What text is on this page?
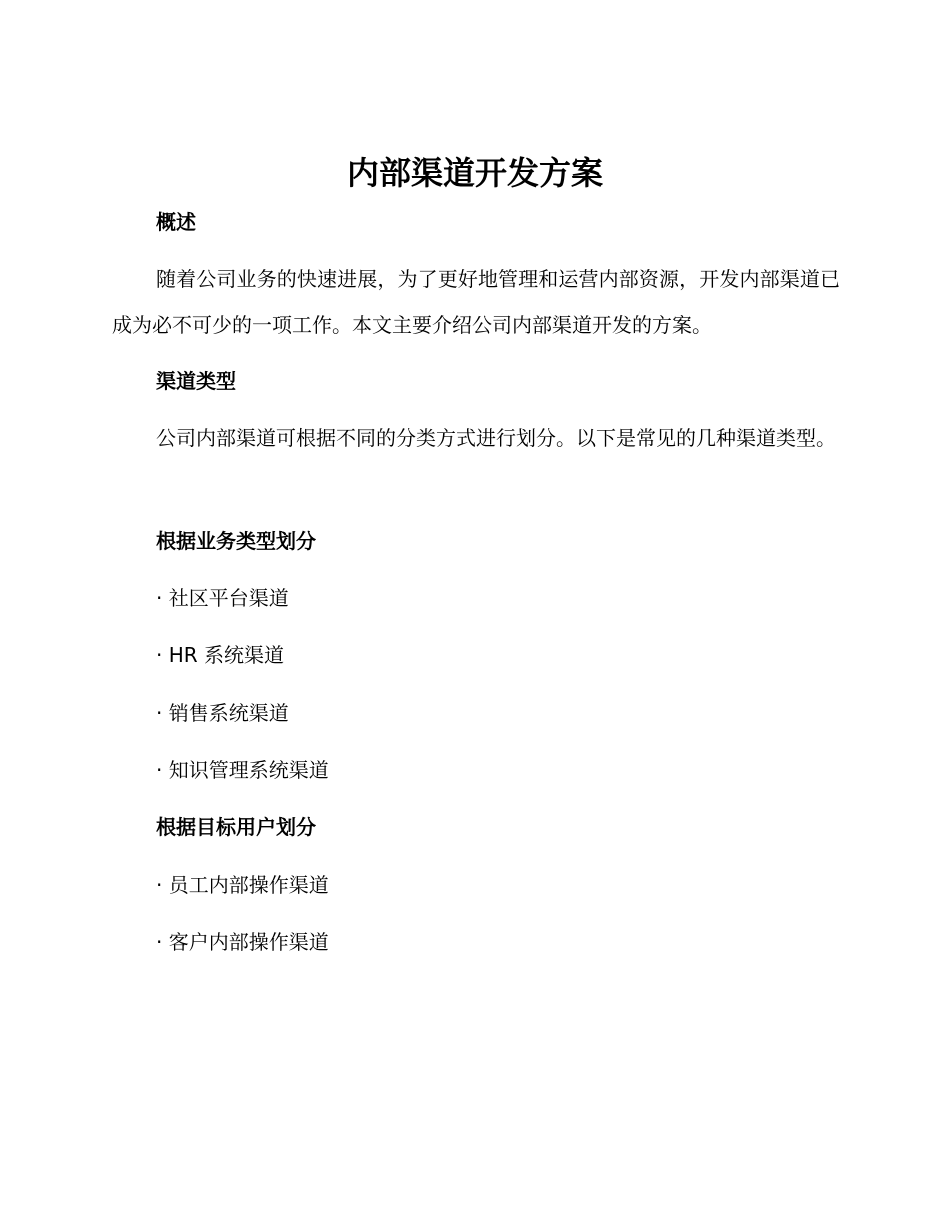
内部渠道开发方案
概述

随着公司业务的快速进展，为了更好地管理和运营内部资源，开发内部渠道已成为必不可少的一项工作。本文主要介绍公司内部渠道开发的方案。

渠道类型

公司内部渠道可根据不同的分类方式进行划分。以下是常见的几种渠道类型。

根据业务类型划分

· 社区平台渠道

· HR 系统渠道

· 销售系统渠道

· 知识管理系统渠道

根据目标用户划分

· 员工内部操作渠道

· 客户内部操作渠道
